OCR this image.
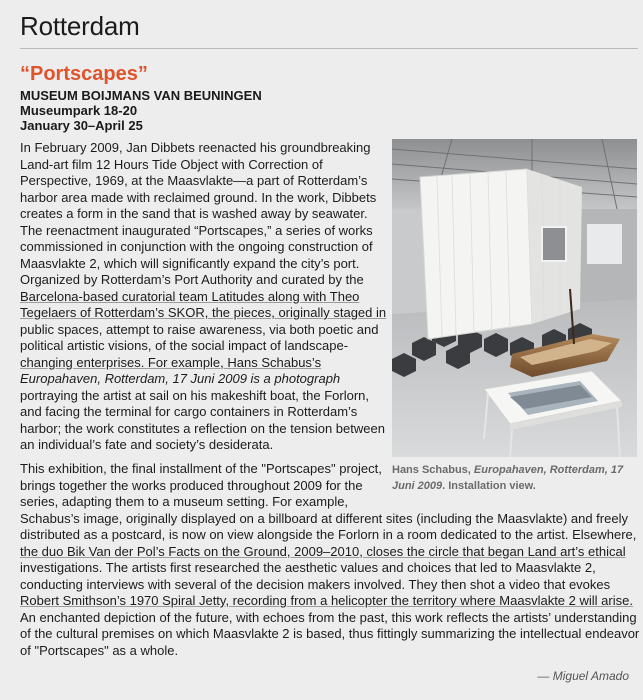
Rotterdam
“Portscapes”
MUSEUM BOIJMANS VAN BEUNINGEN
Museumpark 18-20
January 30–April 25
In February 2009, Jan Dibbets reenacted his groundbreaking
Land-art film 12 Hours Tide Object with Correction of
Perspective, 1969, at the Maasvlakte—a part of Rotterdam’s
harbor area made with reclaimed ground. In the work, Dibbets
creates a form in the sand that is washed away by seawater.
The reenactment inaugurated “Portscapes,” a series of works
commissioned in conjunction with the ongoing construction of
Maasvlakte 2, which will significantly expand the city’s port.
Organized by Rotterdam’s Port Authority and curated by the
Barcelona-based curatorial team Latitudes along with Theo
Tegelaers of Rotterdam’s SKOR, the pieces, originally staged in
public spaces, attempt to raise awareness, via both poetic and
political artistic visions, of the social impact of landscape-
changing enterprises. For example, Hans Schabus’s
Europahaven, Rotterdam, 17 Juni 2009 is a photograph
portraying the artist at sail on his makeshift boat, the Forlorn,
and facing the terminal for cargo containers in Rotterdam’s
harbor; the work constitutes a reflection on the tension between
an individual’s fate and society’s desiderata.
Hans Schabus, Europahaven, Rotterdam, 17
Juni 2009. Installation view.
This exhibition, the final installment of the "Portscapes" project,
brings together the works produced throughout 2009 for the
series, adapting them to a museum setting. For example,
Schabus’s image, originally displayed on a billboard at different sites (including the Maasvlakte) and freely
distributed as a postcard, is now on view alongside the Forlorn in a room dedicated to the artist. Elsewhere,
the duo Bik Van der Pol’s Facts on the Ground, 2009–2010, closes the circle that began Land art’s ethical
investigations. The artists first researched the aesthetic values and choices that led to Maasvlakte 2,
conducting interviews with several of the decision makers involved. They then shot a video that evokes
Robert Smithson’s 1970 Spiral Jetty, recording from a helicopter the territory where Maasvlakte 2 will arise.
An enchanted depiction of the future, with echoes from the past, this work reflects the artists’ understanding
of the cultural premises on which Maasvlakte 2 is based, thus fittingly summarizing the intellectual endeavor
of "Portscapes" as a whole.
— Miguel Amado
